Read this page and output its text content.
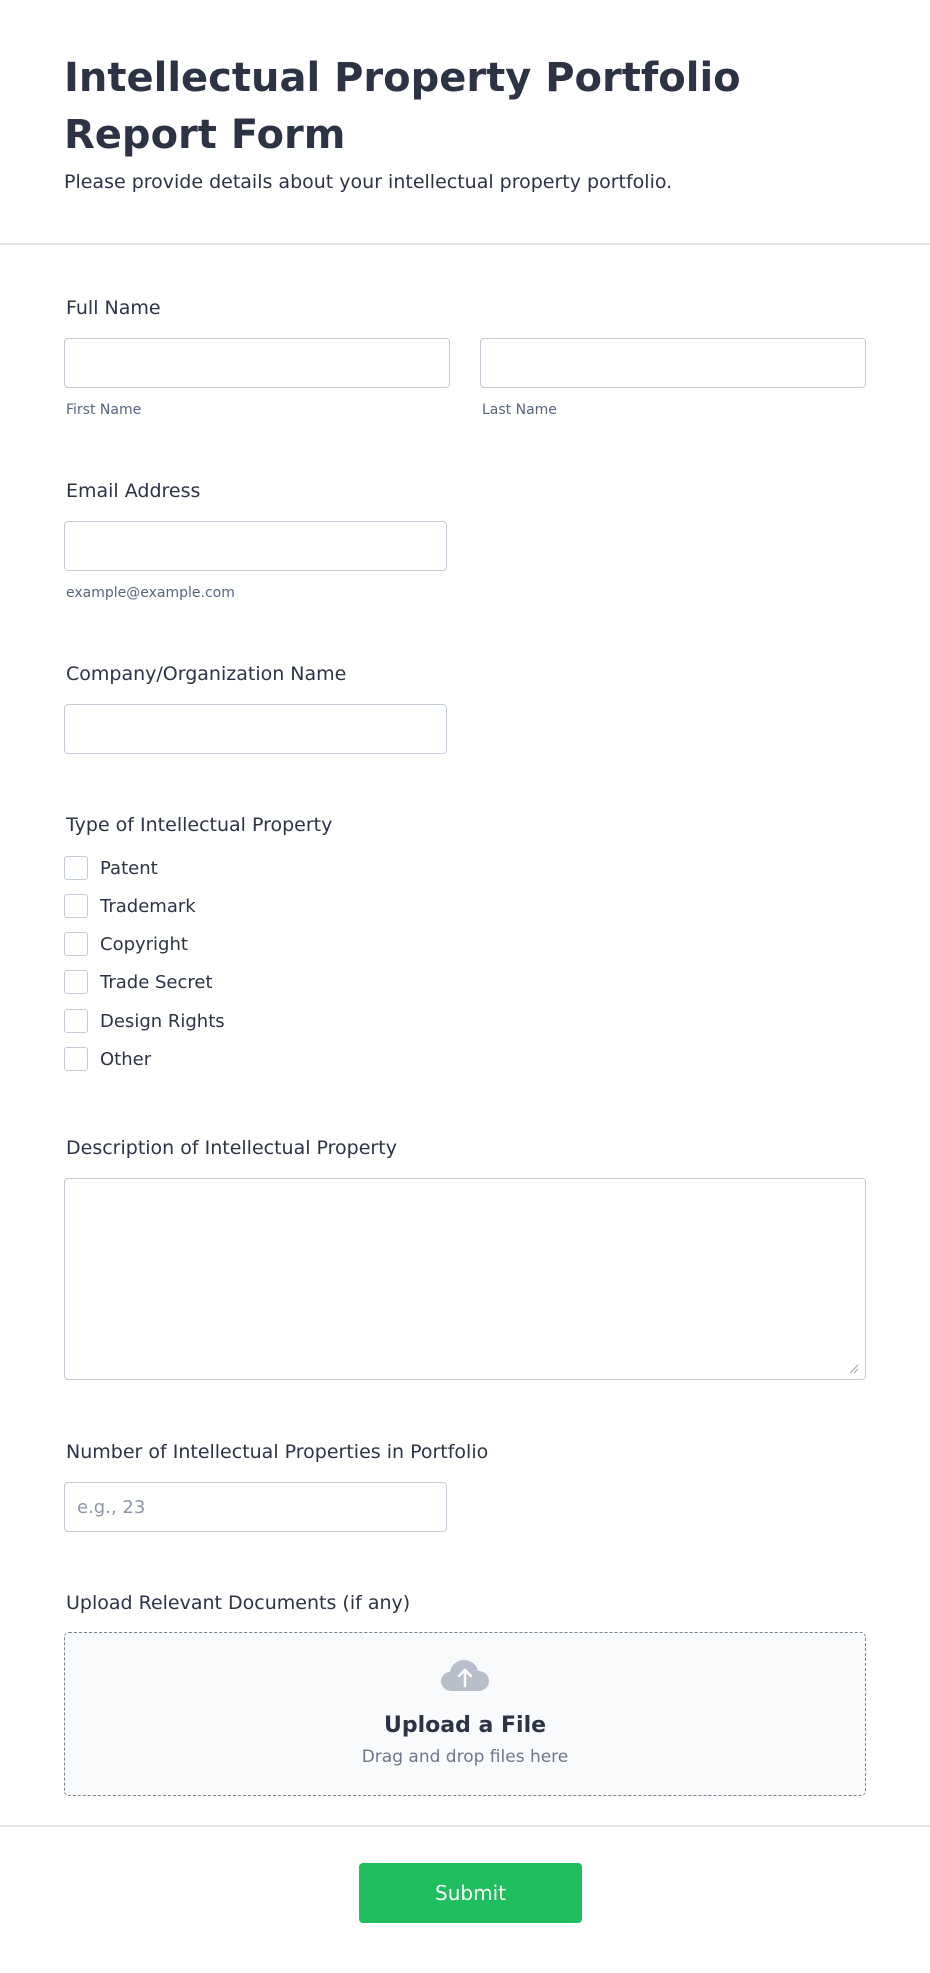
Intellectual Property Portfolio Report Form
Please provide details about your intellectual property portfolio.
Full Name
First Name	Last Name
Email Address
example@example.com
Company/Organization Name
Type of Intellectual Property
Patent
Trademark
Copyright
Trade Secret
Design Rights
Other
Description of Intellectual Property
Number of Intellectual Properties in Portfolio
e.g., 23
Upload Relevant Documents (if any)
Upload a File
Drag and drop files here
Submit
